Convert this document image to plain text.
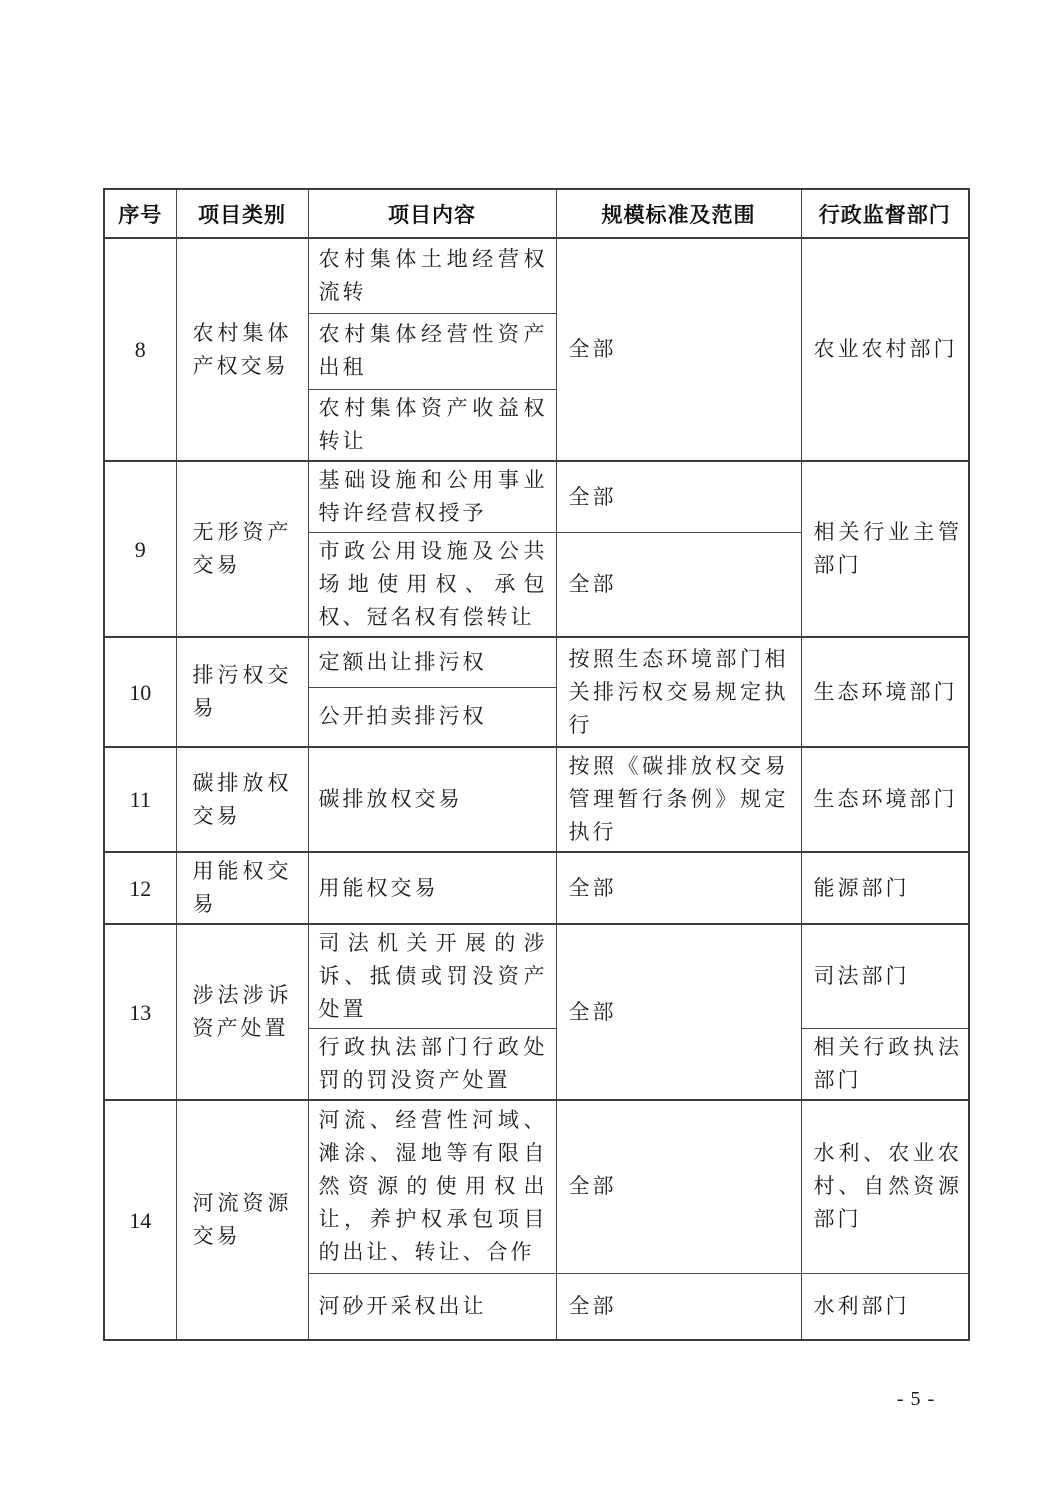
序号	项目类别	项目内容	规模标准及范围	行政监督部门
8	农村集体产权交易	农村集体土地经营权流转	全部	农业农村部门
		农村集体经营性资产出租		
		农村集体资产收益权转让		
9	无形资产交易	基础设施和公用事业特许经营权授予	全部	相关行业主管部门
		市政公用设施及公共场地使用权、承包权、冠名权有偿转让	全部	
10	排污权交易	定额出让排污权	按照生态环境部门相关排污权交易规定执行	生态环境部门
		公开拍卖排污权		
11	碳排放权交易	碳排放权交易	按照《碳排放权交易管理暂行条例》规定执行	生态环境部门
12	用能权交易	用能权交易	全部	能源部门
13	涉法涉诉资产处置	司法机关开展的涉诉、抵债或罚没资产处置	全部	司法部门
		行政执法部门行政处罚的罚没资产处置		相关行政执法部门
14	河流资源交易	河流、经营性河域、滩涂、湿地等有限自然资源的使用权出让，养护权承包项目的出让、转让、合作	全部	水利、农业农村、自然资源部门
		河砂开采权出让	全部	水利部门
- 5 -
